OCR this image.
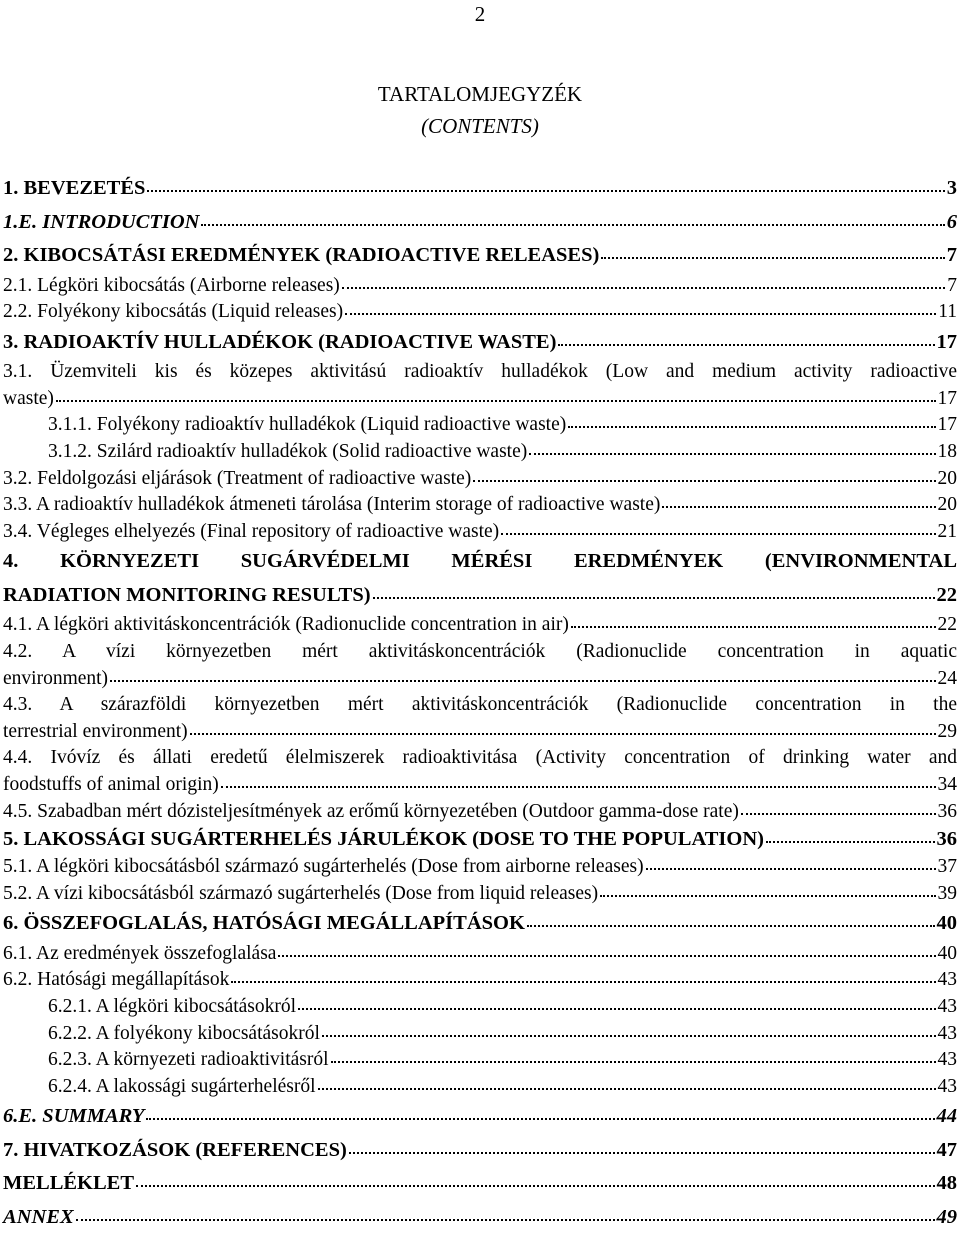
2
TARTALOMJEGYZÉK
(CONTENTS)
1. BEVEZETÉS	3
1.E. INTRODUCTION	6
2. KIBOCSÁTÁSI EREDMÉNYEK (RADIOACTIVE RELEASES)	7
2.1. Légköri kibocsátás (Airborne releases)	7
2.2. Folyékony kibocsátás (Liquid releases)	11
3. RADIOAKTÍV HULLADÉKOK (RADIOACTIVE WASTE)	17
3.1. Üzemviteli kis és közepes aktivitású radioaktív hulladékok (Low and medium activity radioactive
waste)	17
3.1.1. Folyékony radioaktív hulladékok (Liquid radioactive waste)	17
3.1.2. Szilárd radioaktív hulladékok (Solid radioactive waste)	18
3.2. Feldolgozási eljárások (Treatment of radioactive waste)	20
3.3. A radioaktív hulladékok átmeneti tárolása (Interim storage of radioactive waste)	20
3.4. Végleges elhelyezés (Final repository of radioactive waste)	21
4. KÖRNYEZETI SUGÁRVÉDELMI MÉRÉSI EREDMÉNYEK (ENVIRONMENTAL
RADIATION MONITORING RESULTS)	22
4.1. A légköri aktivitáskoncentrációk (Radionuclide concentration in air)	22
4.2. A vízi környezetben mért aktivitáskoncentrációk (Radionuclide concentration in aquatic
environment)	24
4.3. A szárazföldi környezetben mért aktivitáskoncentrációk (Radionuclide concentration in the
terrestrial environment)	29
4.4. Ivóvíz és állati eredetű élelmiszerek radioaktivitása (Activity concentration of drinking water and
foodstuffs of animal origin)	34
4.5. Szabadban mért dózisteljesítmények az erőmű környezetében (Outdoor gamma-dose rate)	36
5. LAKOSSÁGI SUGÁRTERHELÉS JÁRULÉKOK (DOSE TO THE POPULATION)	36
5.1. A légköri kibocsátásból származó sugárterhelés (Dose from airborne releases)	37
5.2. A vízi kibocsátásból származó sugárterhelés (Dose from liquid releases)	39
6. ÖSSZEFOGLALÁS, HATÓSÁGI MEGÁLLAPÍTÁSOK	40
6.1. Az eredmények összefoglalása	40
6.2. Hatósági megállapítások	43
6.2.1. A légköri kibocsátásokról	43
6.2.2. A folyékony kibocsátásokról	43
6.2.3. A környezeti radioaktivitásról	43
6.2.4. A lakossági sugárterhelésről	43
6.E. SUMMARY	44
7. HIVATKOZÁSOK (REFERENCES)	47
MELLÉKLET	48
ANNEX	49
